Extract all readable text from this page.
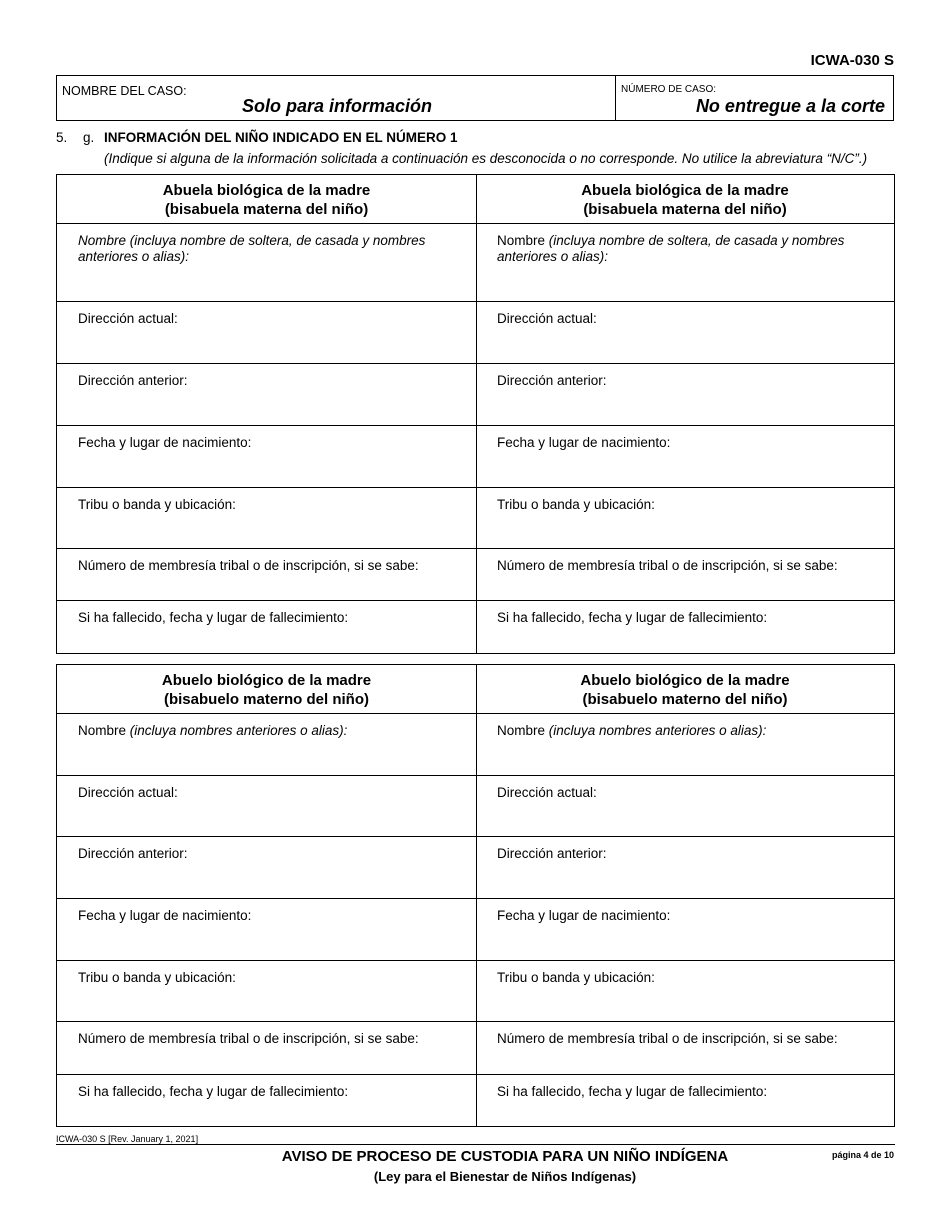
ICWA-030 S
NOMBRE DEL CASO:
Solo para información
NÚMERO DE CASO:
No entregue a la corte
5. g. INFORMACIÓN DEL NIÑO INDICADO EN EL NÚMERO 1
(Indique si alguna de la información solicitada a continuación es desconocida o no corresponde. No utilice la abreviatura “N/C”.)
Abuela biológica de la madre
(bisabuela materna del niño)
Nombre (incluya nombre de soltera, de casada y nombres anteriores o alias):
Dirección actual:
Dirección anterior:
Fecha y lugar de nacimiento:
Tribu o banda y ubicación:
Número de membresía tribal o de inscripción, si se sabe:
Si ha fallecido, fecha y lugar de fallecimiento:
Abuela biológica de la madre
(bisabuela materna del niño)
Nombre (incluya nombre de soltera, de casada y nombres anteriores o alias):
Dirección actual:
Dirección anterior:
Fecha y lugar de nacimiento:
Tribu o banda y ubicación:
Número de membresía tribal o de inscripción, si se sabe:
Si ha fallecido, fecha y lugar de fallecimiento:
Abuelo biológico de la madre
(bisabuelo materno del niño)
Nombre (incluya nombres anteriores o alias):
Dirección actual:
Dirección anterior:
Fecha y lugar de nacimiento:
Tribu o banda y ubicación:
Número de membresía tribal o de inscripción, si se sabe:
Si ha fallecido, fecha y lugar de fallecimiento:
Abuelo biológico de la madre
(bisabuelo materno del niño)
Nombre (incluya nombres anteriores o alias):
Dirección actual:
Dirección anterior:
Fecha y lugar de nacimiento:
Tribu o banda y ubicación:
Número de membresía tribal o de inscripción, si se sabe:
Si ha fallecido, fecha y lugar de fallecimiento:
ICWA-030 S [Rev. January 1, 2021]
AVISO DE PROCESO DE CUSTODIA PARA UN NIÑO INDÍGENA
(Ley para el Bienestar de Niños Indígenas)
página 4 de 10
